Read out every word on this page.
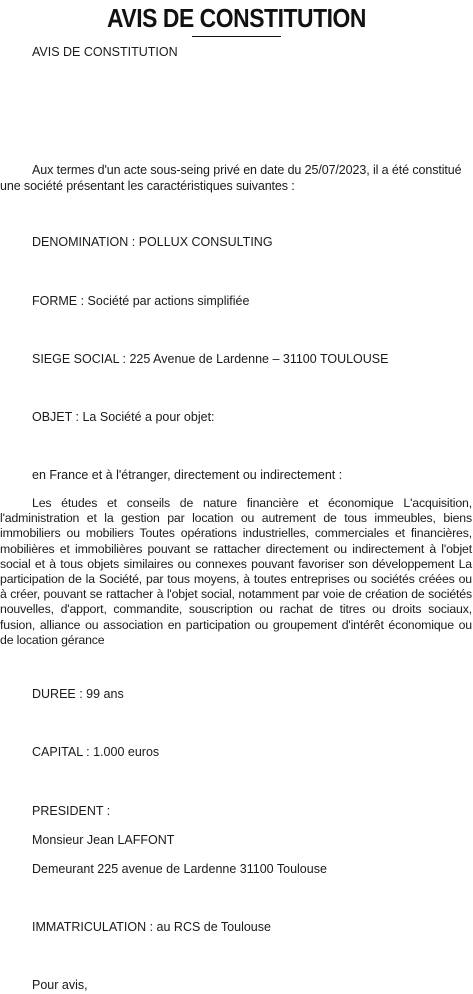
AVIS DE CONSTITUTION
AVIS DE CONSTITUTION
Aux termes d'un acte sous-seing privé en date du 25/07/2023, il a été constitué une société présentant les caractéristiques suivantes :
DENOMINATION : POLLUX CONSULTING
FORME : Société par actions simplifiée
SIEGE SOCIAL : 225 Avenue de Lardenne – 31100 TOULOUSE
OBJET : La Société a pour objet:
en France et à l'étranger, directement ou indirectement :
Les études et conseils de nature financière et économique L'acquisition, l'administration et la gestion par location ou autrement de tous immeubles, biens immobiliers ou mobiliers Toutes opérations industrielles, commerciales et financières, mobilières et immobilières pouvant se rattacher directement ou indirectement à l'objet social et à tous objets similaires ou connexes pouvant favoriser son développement La participation de la Société, par tous moyens, à toutes entreprises ou sociétés créées ou à créer, pouvant se rattacher à l'objet social, notamment par voie de création de sociétés nouvelles, d'apport, commandite, souscription ou rachat de titres ou droits sociaux, fusion, alliance ou association en participation ou groupement d'intérêt économique ou de location gérance
DUREE : 99 ans
CAPITAL : 1.000 euros
PRESIDENT :
Monsieur Jean LAFFONT
Demeurant 225 avenue de Lardenne 31100 Toulouse
IMMATRICULATION : au RCS de Toulouse
Pour avis,
